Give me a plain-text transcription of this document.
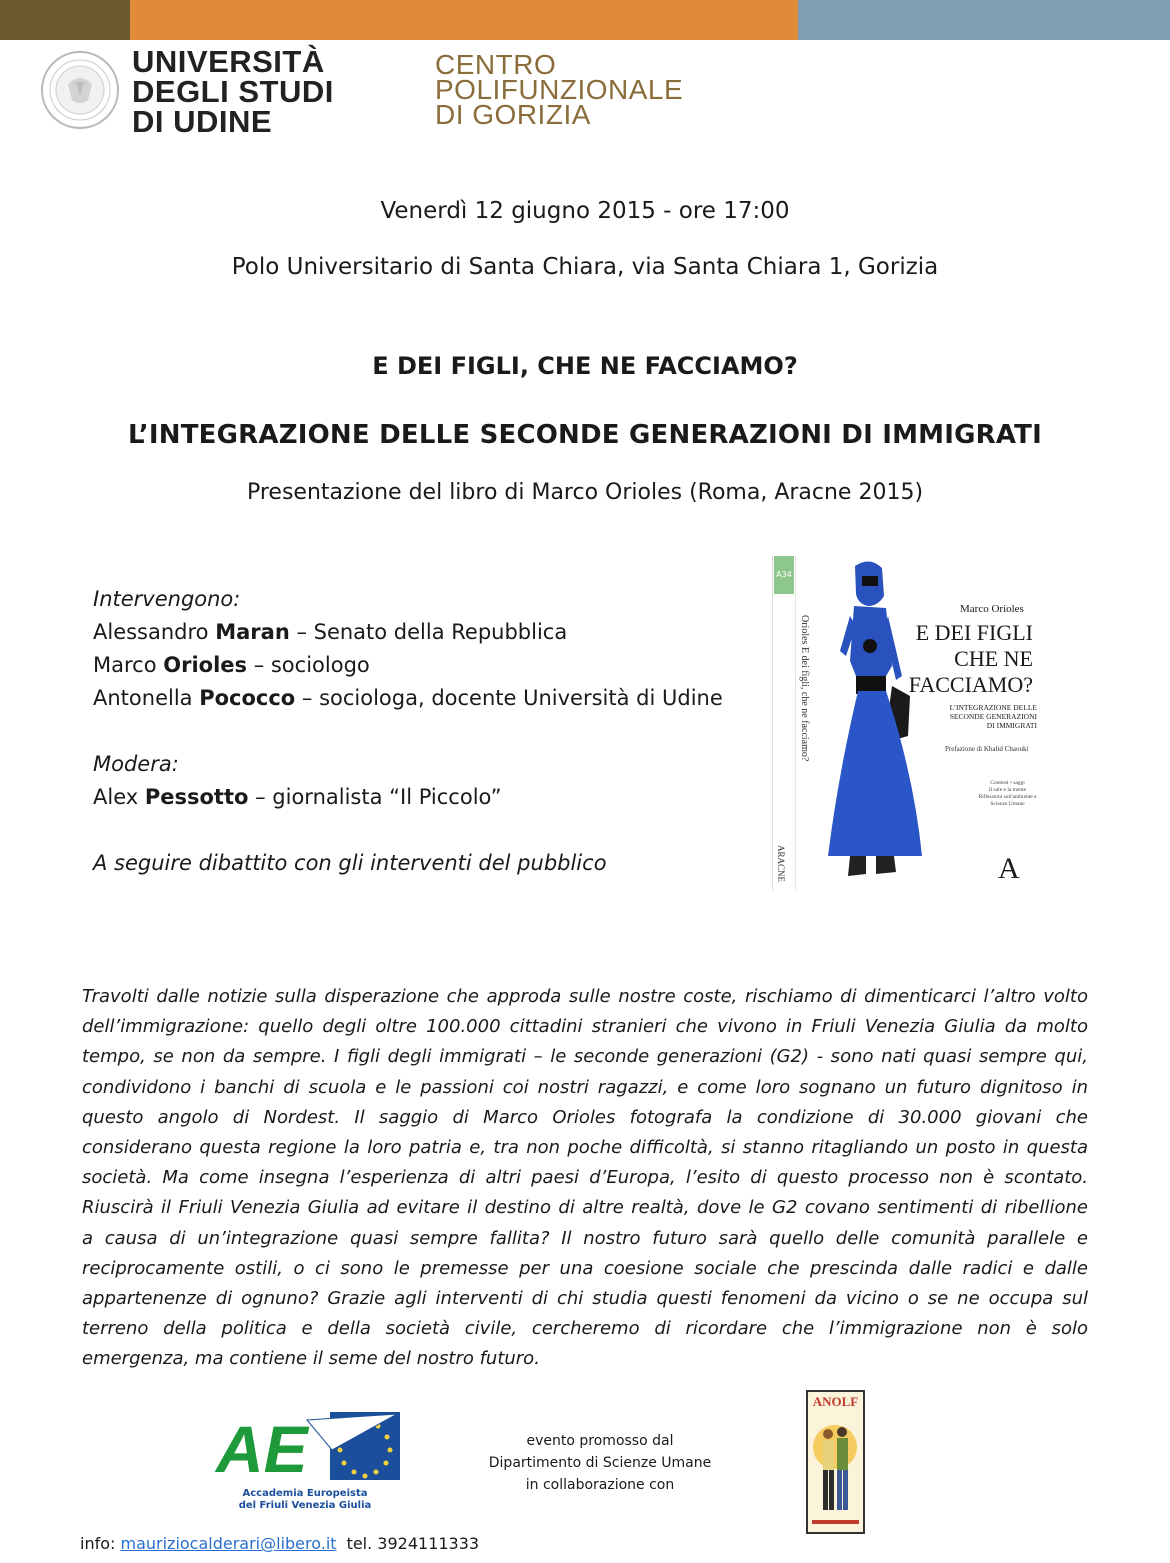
UNIVERSITÀ
DEGLI STUDI
DI UDINE
CENTRO
POLIFUNZIONALE
DI GORIZIA
Venerdì 12 giugno 2015 - ore 17:00
Polo Universitario di Santa Chiara, via Santa Chiara 1, Gorizia
E DEI FIGLI, CHE NE FACCIAMO?
L’INTEGRAZIONE DELLE SECONDE GENERAZIONI DI IMMIGRATI
Presentazione del libro di Marco Orioles (Roma, Aracne 2015)
Intervengono:
Alessandro Maran – Senato della Repubblica
Marco Orioles – sociologo
Antonella Pococco – sociologa, docente Università di Udine
Modera:
Alex Pessotto – giornalista “Il Piccolo”
A seguire dibattito con gli interventi del pubblico
A34
Orioles E dei figli, che ne facciamo?
ARACNE
Marco Orioles
E DEI FIGLI
CHE NE
FACCIAMO?
L’INTEGRAZIONE DELLE
SECONDE GENERAZIONI
DI IMMIGRATI
Prefazione di Khalid Chaouki
Contesti • saggi
Il sale e la mente
Riflessioni sull'ambiente e Scienze Umane
A
Travolti dalle notizie sulla disperazione che approda sulle nostre coste, rischiamo di dimenticarci l’altro volto
dell’immigrazione: quello degli oltre 100.000 cittadini stranieri che vivono in Friuli Venezia Giulia da molto
tempo, se non da sempre. I figli degli immigrati – le seconde generazioni (G2) - sono nati quasi sempre qui,
condividono i banchi di scuola e le passioni coi nostri ragazzi, e come loro sognano un futuro dignitoso in
questo angolo di Nordest. Il saggio di Marco Orioles fotografa la condizione di 30.000 giovani che
considerano questa regione la loro patria e, tra non poche difficoltà, si stanno ritagliando un posto in questa
società. Ma come insegna l’esperienza di altri paesi d’Europa, l’esito di questo processo non è scontato.
Riuscirà il Friuli Venezia Giulia ad evitare il destino di altre realtà, dove le G2 covano sentimenti di ribellione
a causa di un’integrazione quasi sempre fallita? Il nostro futuro sarà quello delle comunità parallele e
reciprocamente ostili, o ci sono le premesse per una coesione sociale che prescinda dalle radici e dalle
appartenenze di ognuno? Grazie agli interventi di chi studia questi fenomeni da vicino o se ne occupa sul
terreno della politica e della società civile, cercheremo di ricordare che l’immigrazione non è solo
emergenza, ma contiene il seme del nostro futuro.
AE
Accademia Europeista
del Friuli Venezia Giulia
evento promosso dal
Dipartimento di Scienze Umane
in collaborazione con
ANOLF
info: mauriziocalderari@libero.it tel. 3924111333
